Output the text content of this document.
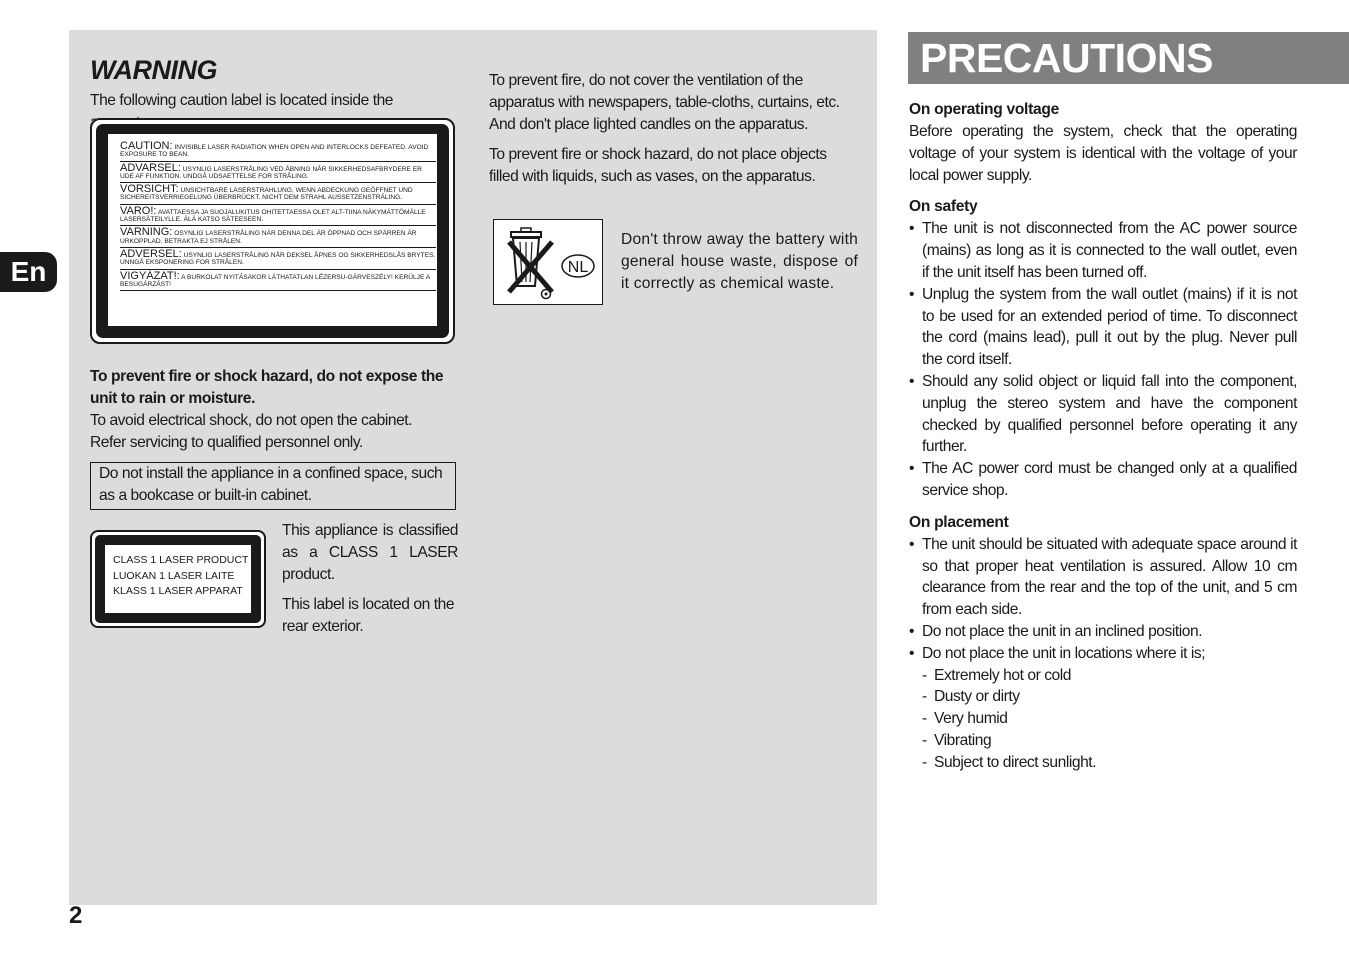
En
2
WARNING

The following caution label is located inside the

CAUTION: INVISIBLE LASER RADIATION WHEN OPEN AND INTERLOCKS DEFEATED. AVOID EXPOSURE TO BEAN.
ADVARSEL: USYNLIG LASERSTRÅLING VED ÅBNING NÅR SIKKERHEDSAFBRYDERE ER UDE AF FUNKTION. UNDGÅ UDSAETTELSE FOR STRÅLING.
VORSICHT: UNSICHTBARE LASERSTRAHLUNG, WENN ABDECKUNG GEÖFFNET UND SICHEREITSVERRIEGELUNG ÜBERBRÜCKT. NICHT DEM STRAHL AUSSETZENSTRÄLING.
VARO!: AVATTAESSA JA SUOJALUKITUS OHITETTAESSA OLET ALT-TIINA NÄKYMÄTTÖMÄLLE LASERSÄTEILYLLE. ÄLÄ KATSO SÄTEESEEN.
VARNING: OSYNLIG LASERSTRÅLING NÄR DENNA DEL ÄR ÖPPNAD OCH SPÄRREN ÄR URKOPPLAD. BETRAKTA EJ STRÅLEN.
ADVERSEL: USYNLIG LASERSTRÅLING NÅR DEKSEL ÅPNES OG SIKKERHEDSLÅS BRYTES. UNNGÅ EKSPONERING FOR STRÅLEN.
VIGYÁZAT!: A BURKOLAT NYITÁSAKOR LÁTHATATLAN LÉZERSU-GÁRVESZÉLY! KERÜLJE A BESUGÁRZÁST!

To prevent fire or shock hazard, do not expose the unit to rain or moisture.

To avoid electrical shock, do not open the cabinet.

Refer servicing to qualified personnel only.

Do not install the appliance in a confined space, such as a bookcase or built-in cabinet.
CLASS 1 LASER PRODUCT
LUOKAN 1 LASER LAITE
KLASS 1 LASER APPARAT

This appliance is classified as a CLASS 1 LASER product.

This label is located on the rear exterior.

To prevent fire, do not cover the ventilation of the apparatus with newspapers, table-cloths, curtains, etc. And don't place lighted candles on the apparatus.

To prevent fire or shock hazard, do not place objects filled with liquids, such as vases, on the apparatus.

NL

Don't throw away the battery with general house waste, dispose of it correctly as chemical waste.

PRECAUTIONS

On operating voltage

Before operating the system, check that the operating voltage of your system is identical with the voltage of your local power supply.

On safety

• The unit is not disconnected from the AC power source (mains) as long as it is connected to the wall outlet, even if the unit itself has been turned off.
• Unplug the system from the wall outlet (mains) if it is not to be used for an extended period of time. To disconnect the cord (mains lead), pull it out by the plug. Never pull the cord itself.
• Should any solid object or liquid fall into the component, unplug the stereo system and have the component checked by qualified personnel before operating it any further.
• The AC power cord must be changed only at a qualified service shop.

On placement

• The unit should be situated with adequate space around it so that proper heat ventilation is assured. Allow 10 cm clearance from the rear and the top of the unit, and 5 cm from each side.
• Do not place the unit in an inclined position.
• Do not place the unit in locations where it is;
- Extremely hot or cold
- Dusty or dirty
- Very humid
- Vibrating
- Subject to direct sunlight.
